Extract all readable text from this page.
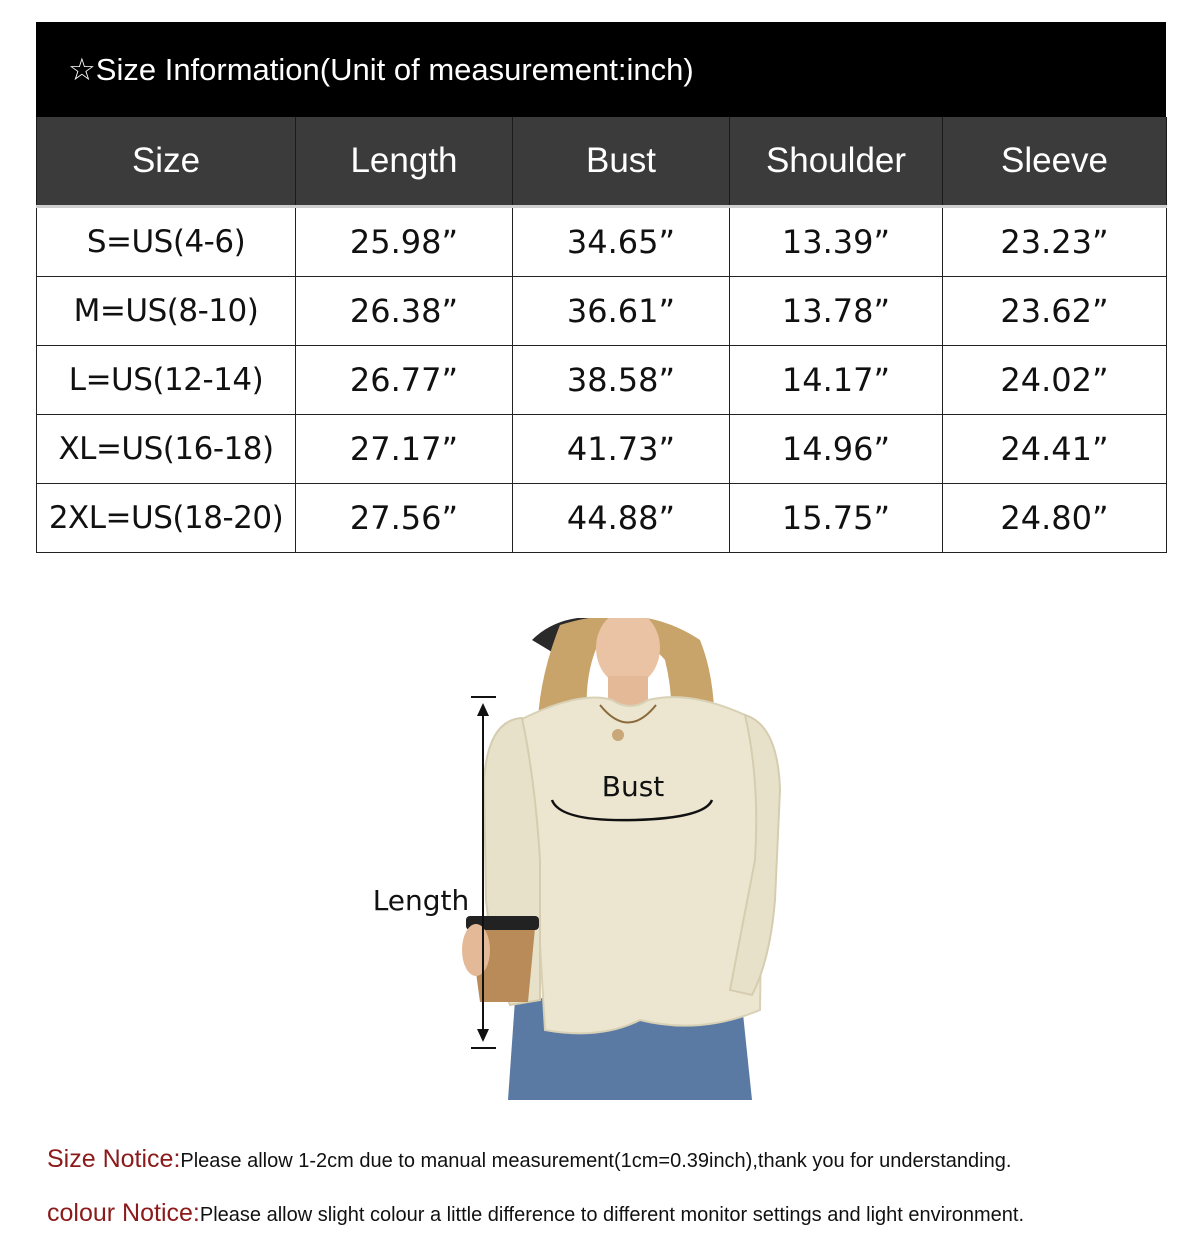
☆Size Information(Unit of measurement:inch)
Size	Length	Bust	Shoulder	Sleeve
S=US(4-6)	25.98”	34.65”	13.39”	23.23”
M=US(8-10)	26.38”	36.61”	13.78”	23.62”
L=US(12-14)	26.77”	38.58”	14.17”	24.02”
XL=US(16-18)	27.17”	41.73”	14.96”	24.41”
2XL=US(18-20)	27.56”	44.88”	15.75”	24.80”
Bust
Length
Size Notice:Please allow 1-2cm due to manual measurement(1cm=0.39inch),thank you for understanding.
colour Notice:Please allow slight colour a little difference to different monitor settings and light environment.
